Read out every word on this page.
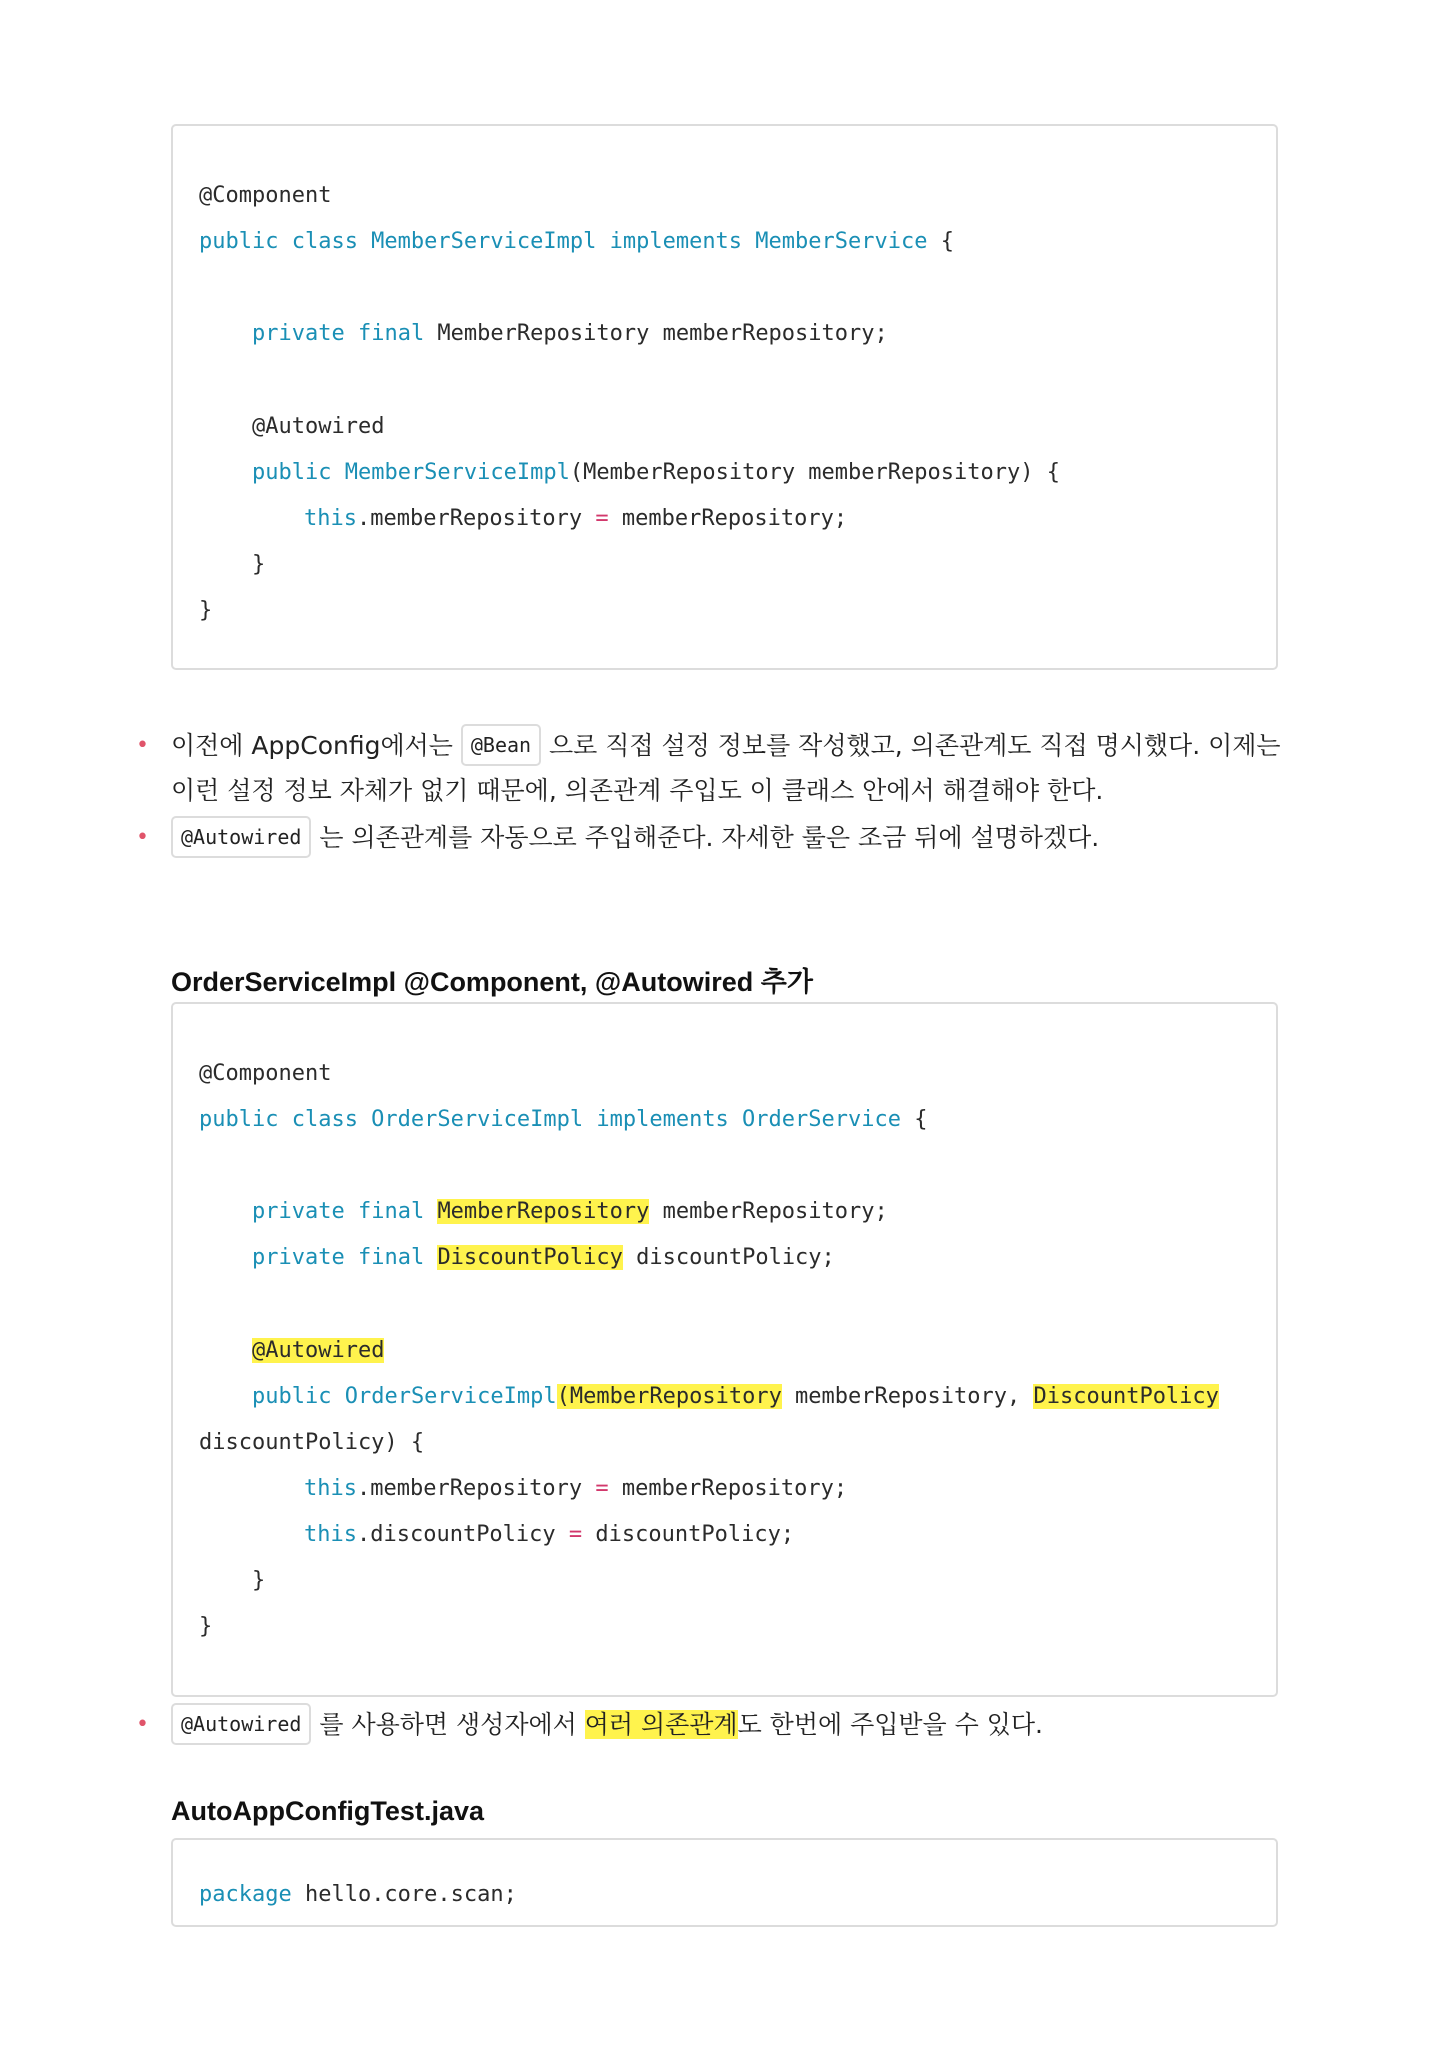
@Component
public class MemberServiceImpl implements MemberService {
private final MemberRepository memberRepository;
@Autowired
public MemberServiceImpl(MemberRepository memberRepository) {
this.memberRepository = memberRepository;
}
}
• 이전에 AppConfig에서는 @Bean 으로 직접 설정 정보를 작성했고, 의존관계도 직접 명시했다. 이제는
이런 설정 정보 자체가 없기 때문에, 의존관계 주입도 이 클래스 안에서 해결해야 한다.
•	@Autowired 는 의존관계를 자동으로 주입해준다. 자세한 룰은 조금 뒤에 설명하겠다.
OrderServiceImpl @Component, @Autowired 추가
@Component
public class OrderServiceImpl implements OrderService {
private final MemberRepository memberRepository;
private final DiscountPolicy discountPolicy;
@Autowired
public OrderServiceImpl(MemberRepository memberRepository, DiscountPolicy
discountPolicy) {
this.memberRepository = memberRepository;
this.discountPolicy = discountPolicy;
}
}
•	@Autowired 를 사용하면 생성자에서 여러 의존관계도 한번에 주입받을 수 있다.
AutoAppConfigTest.java
package hello.core.scan;
